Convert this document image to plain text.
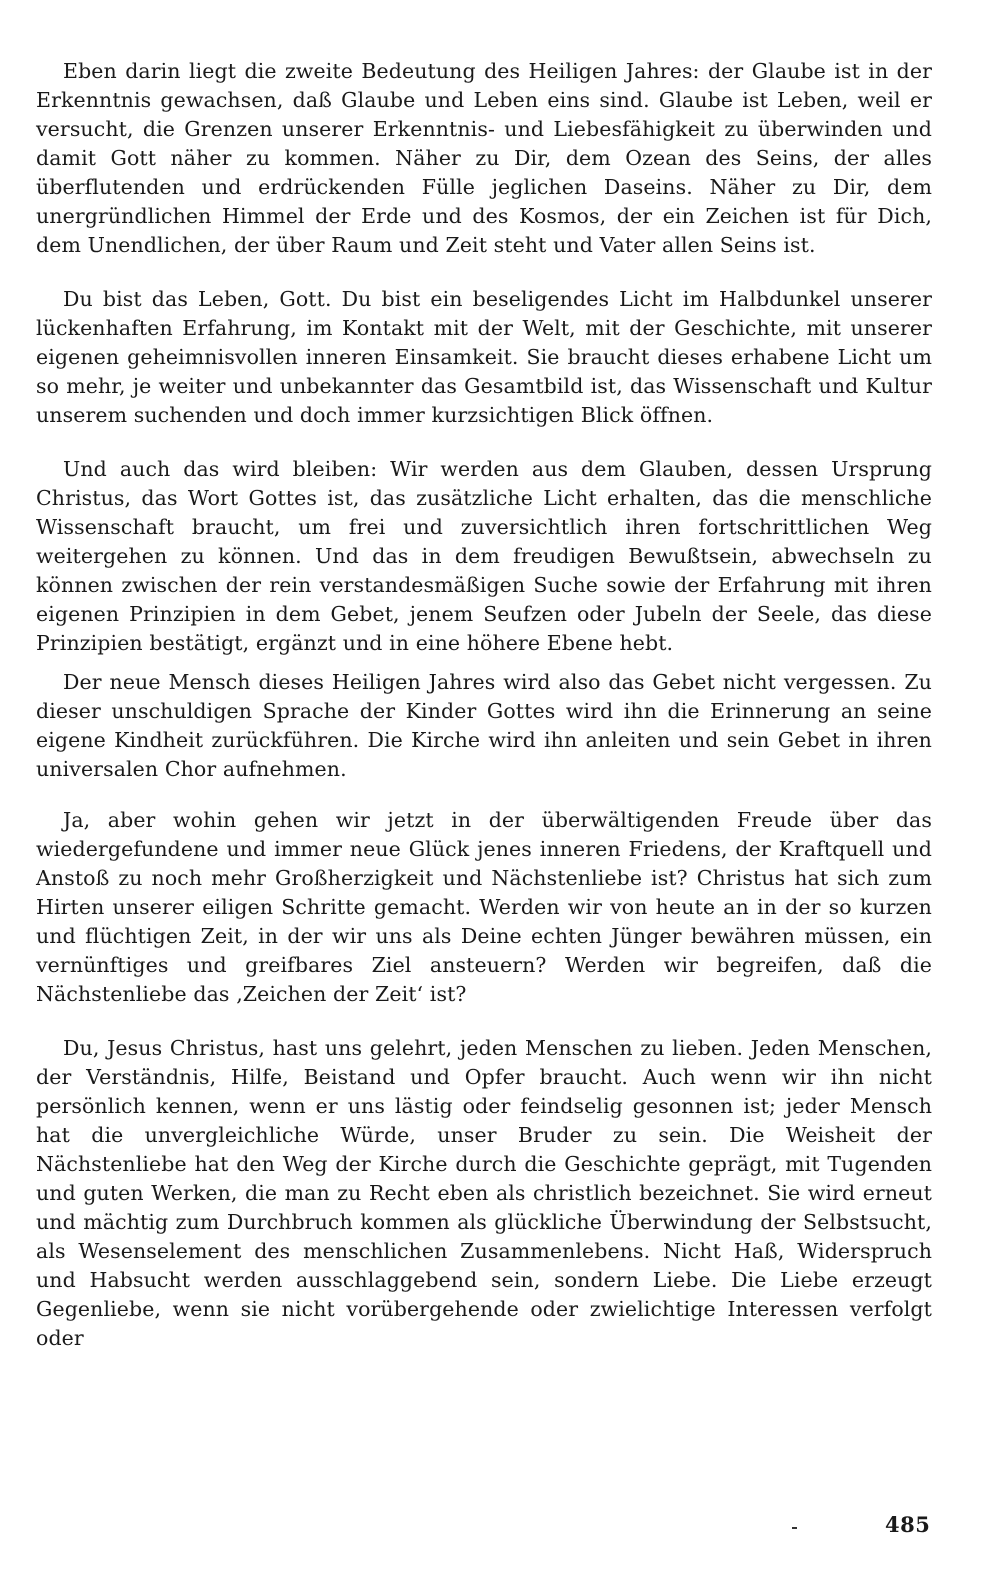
Eben darin liegt die zweite Bedeutung des Heiligen Jahres: der Glaube ist in der Erkenntnis gewachsen, daß Glaube und Leben eins sind. Glaube ist Leben, weil er versucht, die Grenzen unserer Erkenntnis- und Liebesfähigkeit zu überwinden und damit Gott näher zu kommen. Näher zu Dir, dem Ozean des Seins, der alles überflutenden und erdrückenden Fülle jeglichen Daseins. Näher zu Dir, dem unergründlichen Himmel der Erde und des Kosmos, der ein Zeichen ist für Dich, dem Unendlichen, der über Raum und Zeit steht und Vater allen Seins ist.

Du bist das Leben, Gott. Du bist ein beseligendes Licht im Halbdunkel unserer lückenhaften Erfahrung, im Kontakt mit der Welt, mit der Geschichte, mit unserer eigenen geheimnisvollen inneren Einsamkeit. Sie braucht dieses erhabene Licht um so mehr, je weiter und unbekannter das Gesamtbild ist, das Wissenschaft und Kultur unserem suchenden und doch immer kurzsichtigen Blick öffnen.

Und auch das wird bleiben: Wir werden aus dem Glauben, dessen Ursprung Christus, das Wort Gottes ist, das zusätzliche Licht erhalten, das die menschliche Wissenschaft braucht, um frei und zuversichtlich ihren fortschrittlichen Weg weitergehen zu können. Und das in dem freudigen Bewußtsein, abwechseln zu können zwischen der rein verstandesmäßigen Suche sowie der Erfahrung mit ihren eigenen Prinzipien in dem Gebet, jenem Seufzen oder Jubeln der Seele, das diese Prinzipien bestätigt, ergänzt und in eine höhere Ebene hebt.

Der neue Mensch dieses Heiligen Jahres wird also das Gebet nicht vergessen. Zu dieser unschuldigen Sprache der Kinder Gottes wird ihn die Erinnerung an seine eigene Kindheit zurückführen. Die Kirche wird ihn anleiten und sein Gebet in ihren universalen Chor aufnehmen.

Ja, aber wohin gehen wir jetzt in der überwältigenden Freude über das wiedergefundene und immer neue Glück jenes inneren Friedens, der Kraftquell und Anstoß zu noch mehr Großherzigkeit und Nächstenliebe ist? Christus hat sich zum Hirten unserer eiligen Schritte gemacht. Werden wir von heute an in der so kurzen und flüchtigen Zeit, in der wir uns als Deine echten Jünger bewähren müssen, ein vernünftiges und greifbares Ziel ansteuern? Werden wir begreifen, daß die Nächstenliebe das ‚Zeichen der Zeit‘ ist?

Du, Jesus Christus, hast uns gelehrt, jeden Menschen zu lieben. Jeden Menschen, der Verständnis, Hilfe, Beistand und Opfer braucht. Auch wenn wir ihn nicht persönlich kennen, wenn er uns lästig oder feindselig gesonnen ist; jeder Mensch hat die unvergleichliche Würde, unser Bruder zu sein. Die Weisheit der Nächstenliebe hat den Weg der Kirche durch die Geschichte geprägt, mit Tugenden und guten Werken, die man zu Recht eben als christlich bezeichnet. Sie wird erneut und mächtig zum Durchbruch kommen als glückliche Überwindung der Selbstsucht, als Wesenselement des menschlichen Zusammenlebens. Nicht Haß, Widerspruch und Habsucht werden ausschlaggebend sein, sondern Liebe. Die Liebe erzeugt Gegenliebe, wenn sie nicht vorübergehende oder zwielichtige Interessen verfolgt oder

485
